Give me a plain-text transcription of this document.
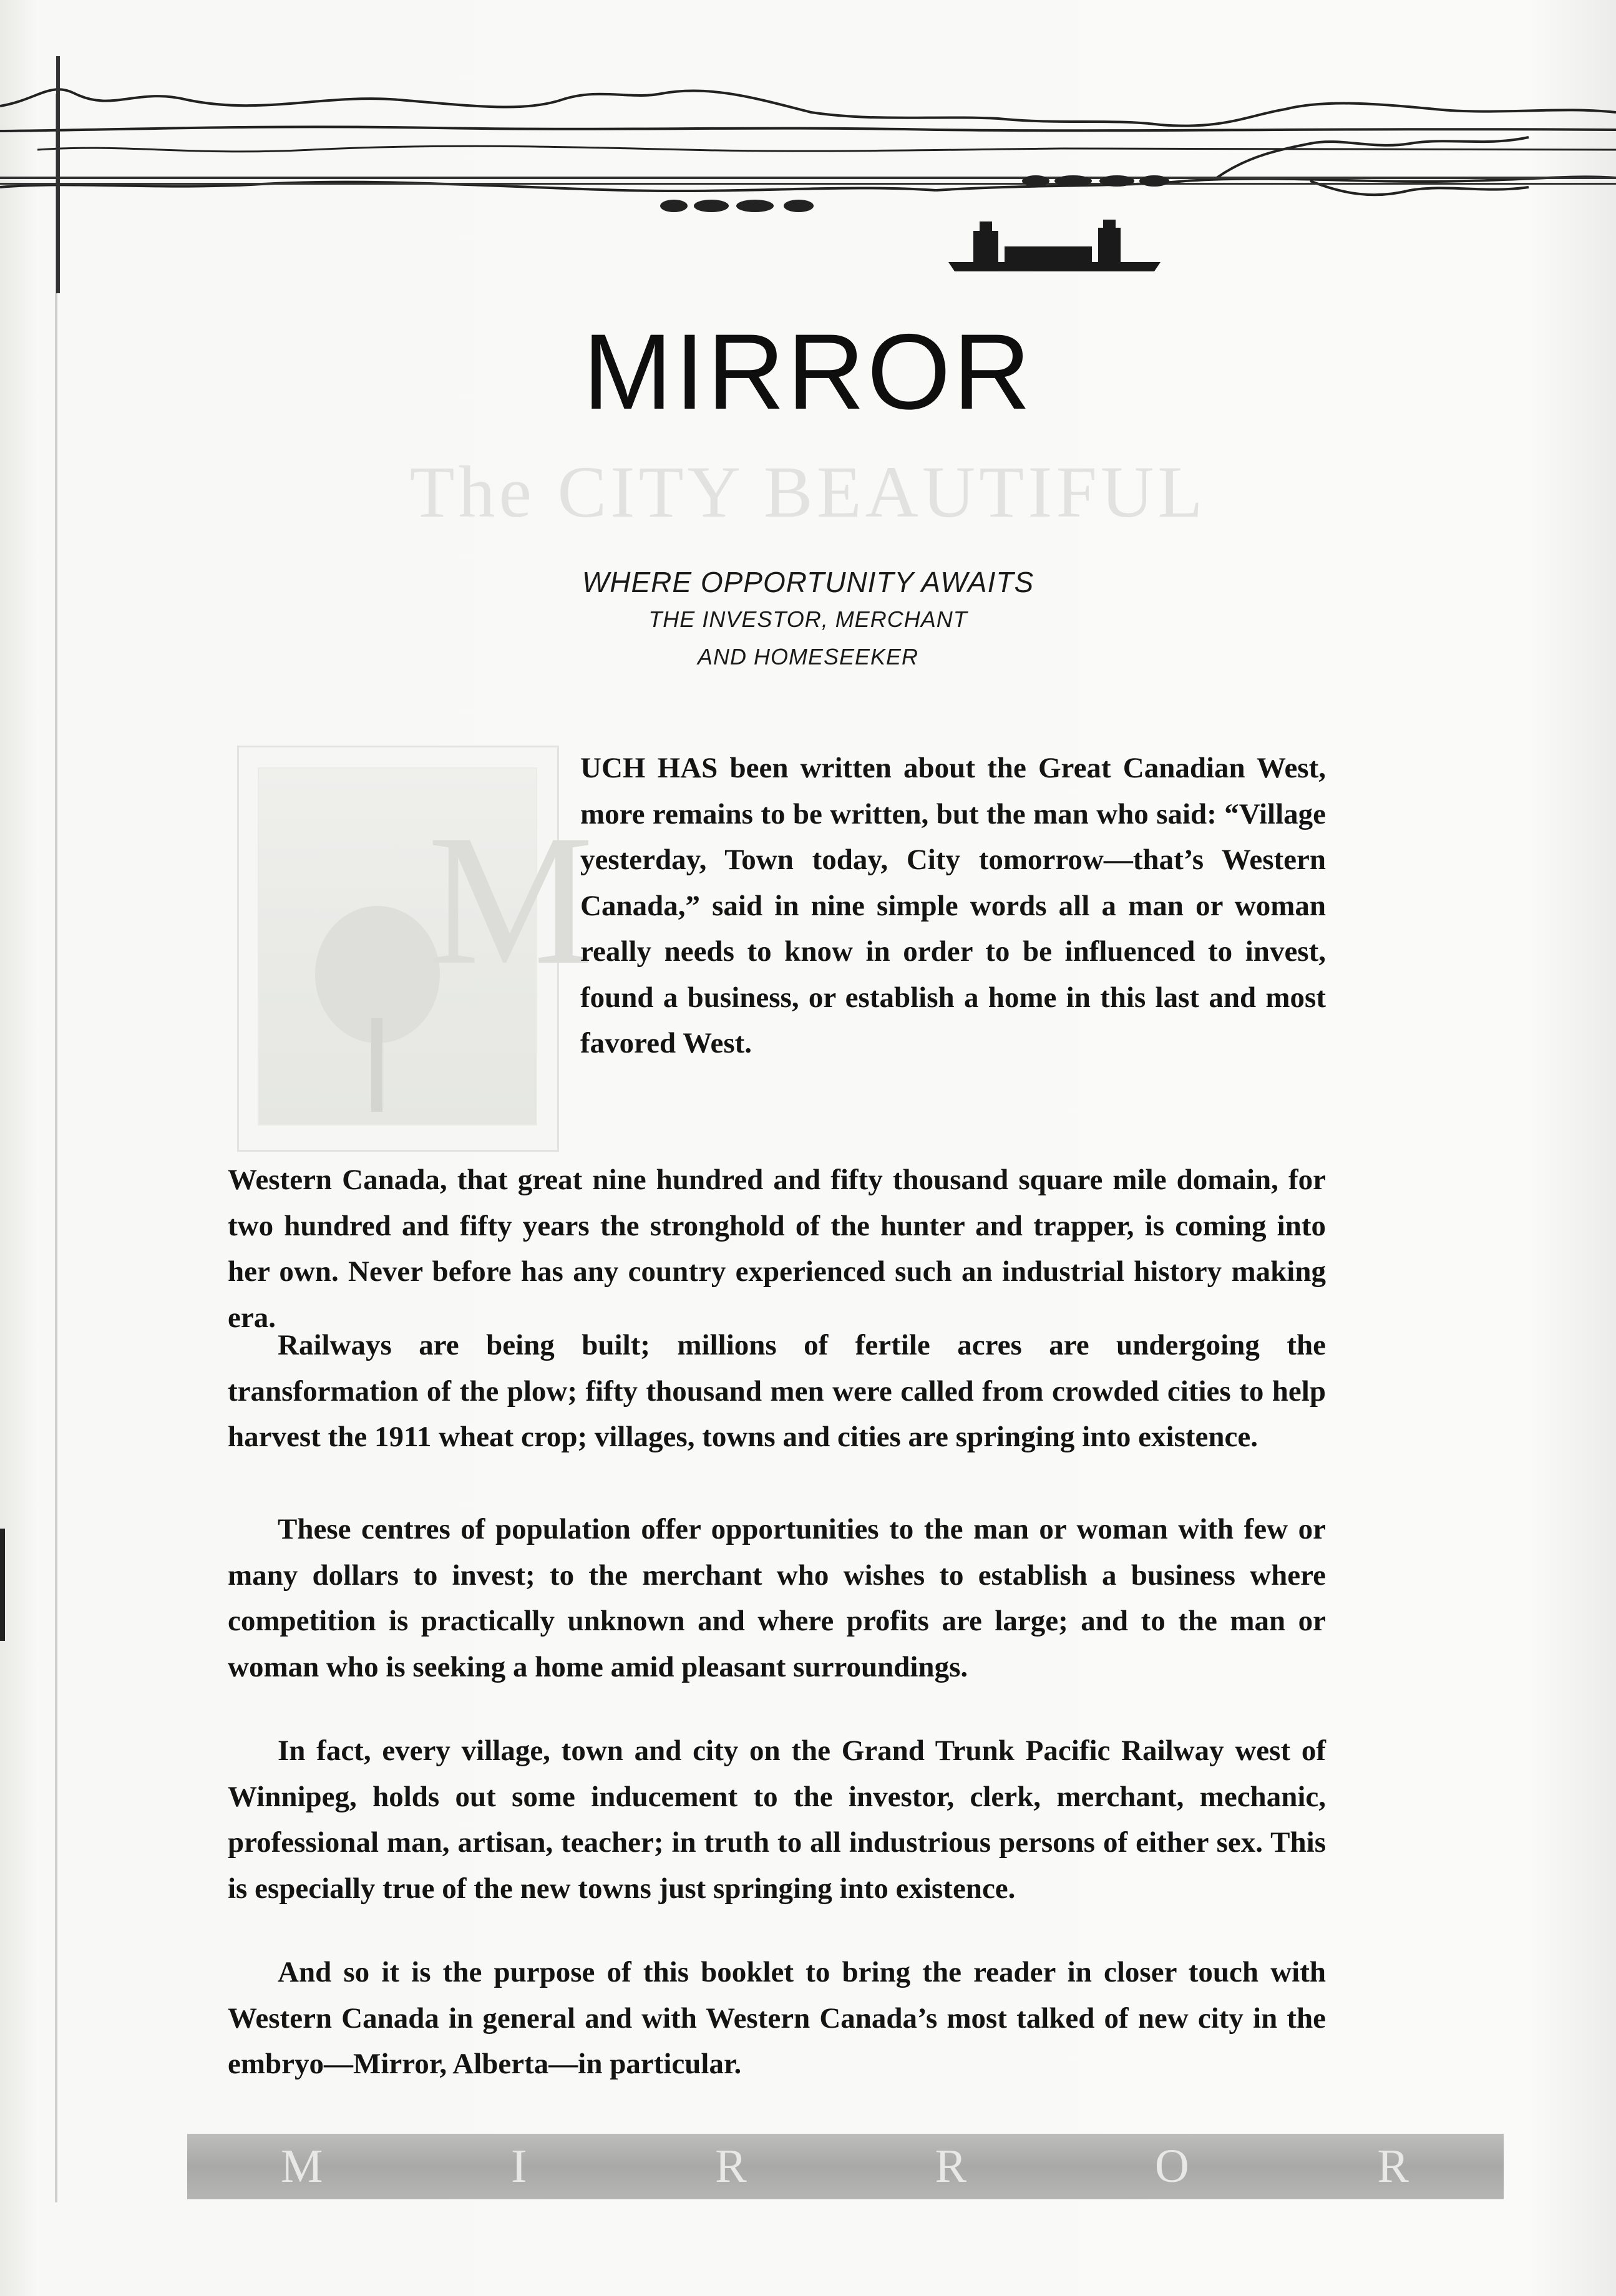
MIRROR
The CITY BEAUTIFUL
WHERE OPPORTUNITY AWAITS
THE INVESTOR, MERCHANT
AND HOMESEEKER
M
UCH HAS been written about the Great Canadian West, more remains to be written, but the man who said: “Village yesterday, Town today, City tomorrow—that’s Western Canada,” said in nine simple words all a man or woman really needs to know in order to be influenced to invest, found a business, or establish a home in this last and most favored West.
Western Canada, that great nine hundred and fifty thousand square mile domain, for two hundred and fifty years the stronghold of the hunter and trapper, is coming into her own. Never before has any country experienced such an industrial history making era.
Railways are being built; millions of fertile acres are undergoing the transformation of the plow; fifty thousand men were called from crowded cities to help harvest the 1911 wheat crop; villages, towns and cities are springing into existence.
These centres of population offer opportunities to the man or woman with few or many dollars to invest; to the merchant who wishes to establish a business where competition is practically unknown and where profits are large; and to the man or woman who is seeking a home amid pleasant surroundings.
In fact, every village, town and city on the Grand Trunk Pacific Railway west of Winnipeg, holds out some inducement to the investor, clerk, merchant, mechanic, professional man, artisan, teacher; in truth to all industrious persons of either sex. This is especially true of the new towns just springing into existence.
And so it is the purpose of this booklet to bring the reader in closer touch with Western Canada in general and with Western Canada’s most talked of new city in the embryo—Mirror, Alberta—in particular.
M	I	R	R	O	R
